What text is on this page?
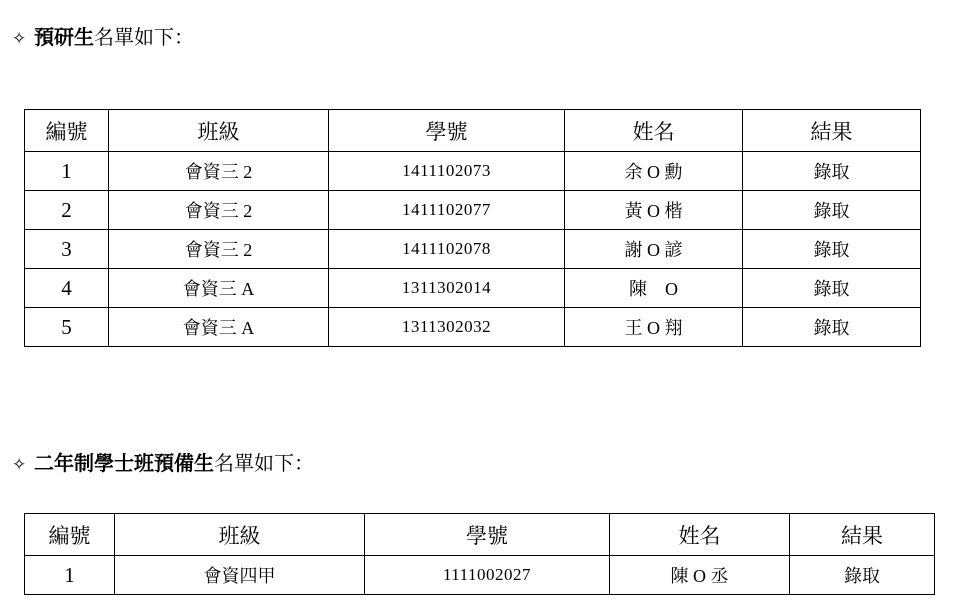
✧ 預研生名單如下：
編號	班級	學號	姓名	結果
1	會資三 2	1411102073	余 O 勳	錄取
2	會資三 2	1411102077	黃 O 楷	錄取
3	會資三 2	1411102078	謝 O 諺	錄取
4	會資三 A	1311302014	陳　O	錄取
5	會資三 A	1311302032	王 O 翔	錄取
✧ 二年制學士班預備生名單如下：
編號	班級	學號	姓名	結果
1	會資四甲	1111002027	陳 O 丞	錄取
